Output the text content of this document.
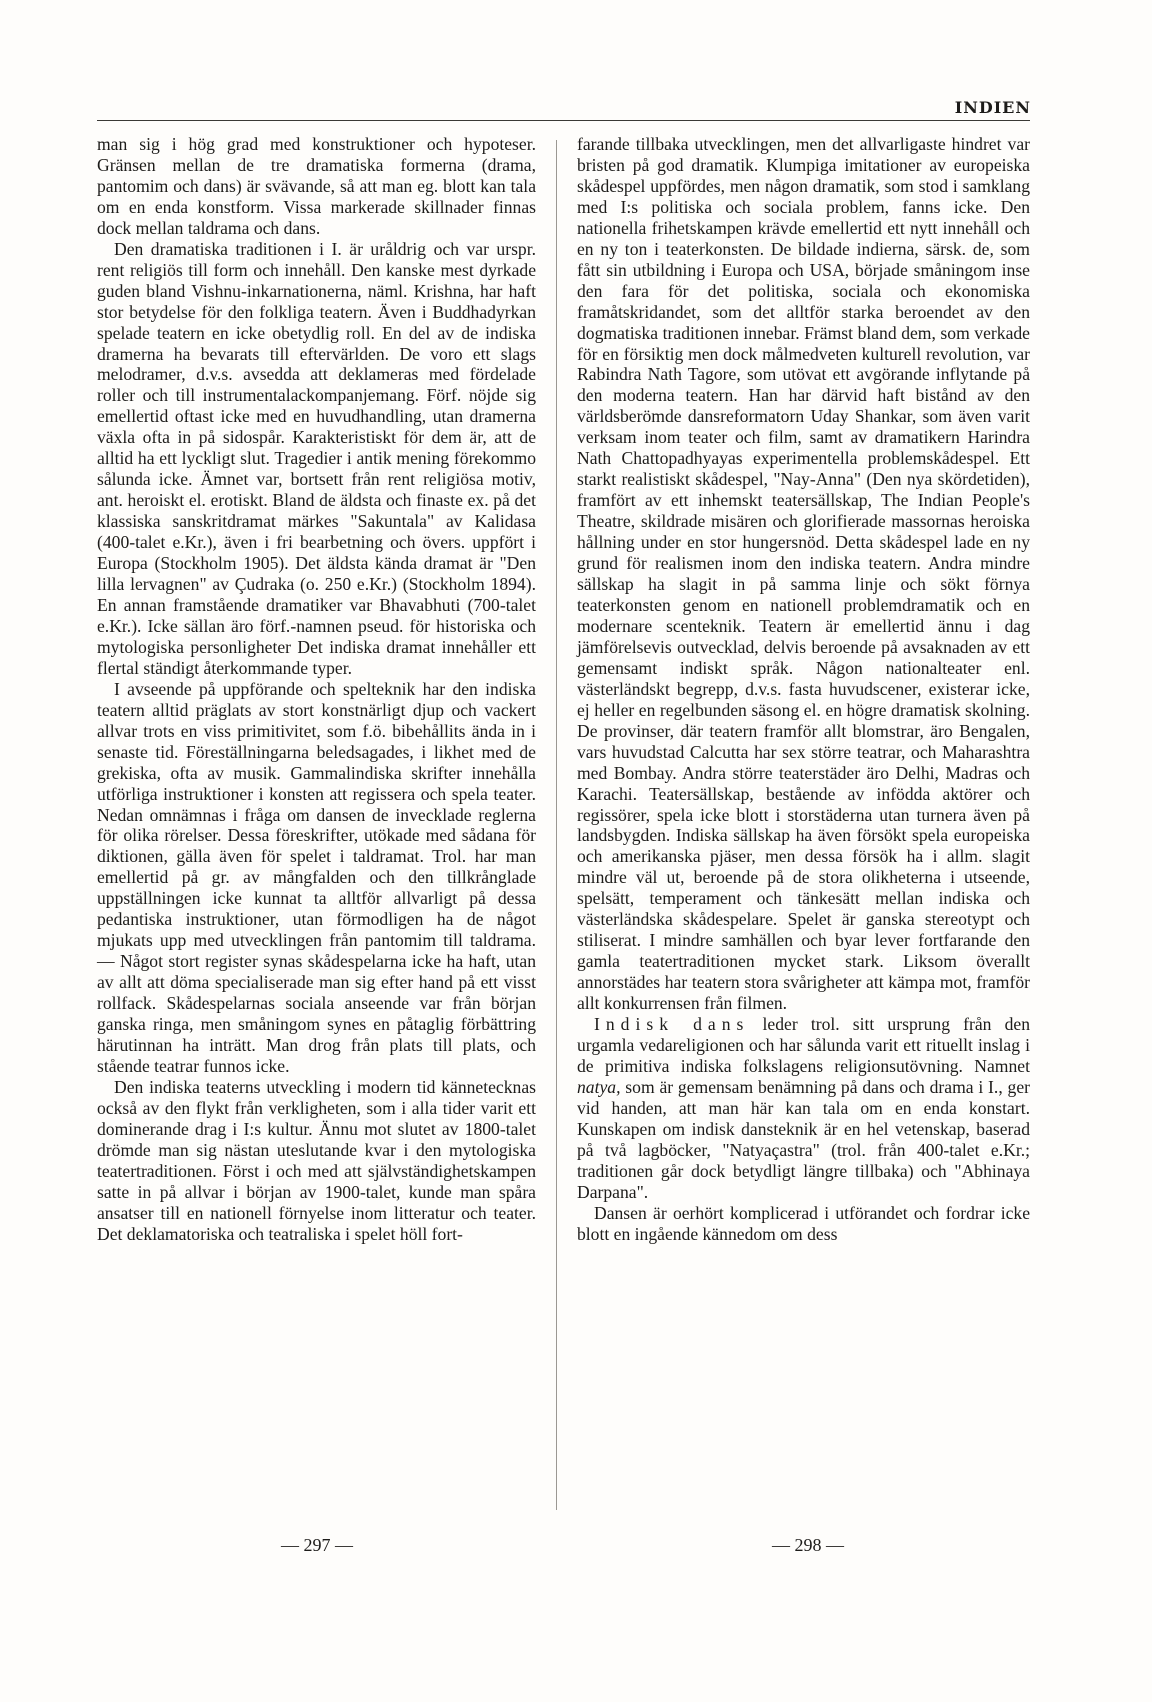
INDIEN

man sig i hög grad med konstruktioner och hypoteser. Gränsen mellan de tre dramatiska formerna (drama, pantomim och dans) är svävande, så att man eg. blott kan tala om en enda konstform. Vissa markerade skillnader finnas dock mellan taldrama och dans.

Den dramatiska traditionen i I. är uråldrig och var urspr. rent religiös till form och innehåll. Den kanske mest dyrkade guden bland Vishnu-inkarnationerna, näml. Krishna, har haft stor betydelse för den folkliga teatern. Även i Buddhadyrkan spelade teatern en icke obetydlig roll. En del av de indiska dramerna ha bevarats till eftervärlden. De voro ett slags melodramer, d.v.s. avsedda att deklameras med fördelade roller och till instrumentalackompanjemang. Förf. nöjde sig emellertid oftast icke med en huvudhandling, utan dramerna växla ofta in på sidospår. Karakteristiskt för dem är, att de alltid ha ett lyckligt slut. Tragedier i antik mening förekommo sålunda icke. Ämnet var, bortsett från rent religiösa motiv, ant. heroiskt el. erotiskt. Bland de äldsta och finaste ex. på det klassiska sanskritdramat märkes "Sakuntala" av Kalidasa (400-talet e.Kr.), även i fri bearbetning och övers. uppfört i Europa (Stockholm 1905). Det äldsta kända dramat är "Den lilla lervagnen" av Çudraka (o. 250 e.Kr.) (Stockholm 1894). En annan framstående dramatiker var Bhavabhuti (700-talet e.Kr.). Icke sällan äro förf.-namnen pseud. för historiska och mytologiska personligheter Det indiska dramat innehåller ett flertal ständigt återkommande typer.

I avseende på uppförande och spelteknik har den indiska teatern alltid präglats av stort konstnärligt djup och vackert allvar trots en viss primitivitet, som f.ö. bibehållits ända in i senaste tid. Föreställningarna beledsagades, i likhet med de grekiska, ofta av musik. Gammalindiska skrifter innehålla utförliga instruktioner i konsten att regissera och spela teater. Nedan omnämnas i fråga om dansen de invecklade reglerna för olika rörelser. Dessa föreskrifter, utökade med sådana för diktionen, gälla även för spelet i taldramat. Trol. har man emellertid på gr. av mångfalden och den tillkrånglade uppställningen icke kunnat ta alltför allvarligt på dessa pedantiska instruktioner, utan förmodligen ha de något mjukats upp med utvecklingen från pantomim till taldrama. — Något stort register synas skådespelarna icke ha haft, utan av allt att döma specialiserade man sig efter hand på ett visst rollfack. Skådespelarnas sociala anseende var från början ganska ringa, men småningom synes en påtaglig förbättring härutinnan ha inträtt. Man drog från plats till plats, och stående teatrar funnos icke.

Den indiska teaterns utveckling i modern tid kännetecknas också av den flykt från verkligheten, som i alla tider varit ett dominerande drag i I:s kultur. Ännu mot slutet av 1800-talet drömde man sig nästan uteslutande kvar i den mytologiska teatertraditionen. Först i och med att självständighetskampen satte in på allvar i början av 1900-talet, kunde man spåra ansatser till en nationell förnyelse inom litteratur och teater. Det deklamatoriska och teatraliska i spelet höll fort-

farande tillbaka utvecklingen, men det allvarligaste hindret var bristen på god dramatik. Klumpiga imitationer av europeiska skådespel uppfördes, men någon dramatik, som stod i samklang med I:s politiska och sociala problem, fanns icke. Den nationella frihetskampen krävde emellertid ett nytt innehåll och en ny ton i teaterkonsten. De bildade indierna, särsk. de, som fått sin utbildning i Europa och USA, började småningom inse den fara för det politiska, sociala och ekonomiska framåtskridandet, som det alltför starka beroendet av den dogmatiska traditionen innebar. Främst bland dem, som verkade för en försiktig men dock målmedveten kulturell revolution, var Rabindra Nath Tagore, som utövat ett avgörande inflytande på den moderna teatern. Han har därvid haft bistånd av den världsberömde dansreformatorn Uday Shankar, som även varit verksam inom teater och film, samt av dramatikern Harindra Nath Chattopadhyayas experimentella problemskådespel. Ett starkt realistiskt skådespel, "Nay-Anna" (Den nya skördetiden), framfört av ett inhemskt teatersällskap, The Indian People's Theatre, skildrade misären och glorifierade massornas heroiska hållning under en stor hungersnöd. Detta skådespel lade en ny grund för realismen inom den indiska teatern. Andra mindre sällskap ha slagit in på samma linje och sökt förnya teaterkonsten genom en nationell problemdramatik och en modernare scenteknik. Teatern är emellertid ännu i dag jämförelsevis outvecklad, delvis beroende på avsaknaden av ett gemensamt indiskt språk. Någon nationalteater enl. västerländskt begrepp, d.v.s. fasta huvudscener, existerar icke, ej heller en regelbunden säsong el. en högre dramatisk skolning. De provinser, där teatern framför allt blomstrar, äro Bengalen, vars huvudstad Calcutta har sex större teatrar, och Maharashtra med Bombay. Andra större teaterstäder äro Delhi, Madras och Karachi. Teatersällskap, bestående av infödda aktörer och regissörer, spela icke blott i storstäderna utan turnera även på landsbygden. Indiska sällskap ha även försökt spela europeiska och amerikanska pjäser, men dessa försök ha i allm. slagit mindre väl ut, beroende på de stora olikheterna i utseende, spelsätt, temperament och tänkesätt mellan indiska och västerländska skådespelare. Spelet är ganska stereotypt och stiliserat. I mindre samhällen och byar lever fortfarande den gamla teatertraditionen mycket stark. Liksom överallt annorstädes har teatern stora svårigheter att kämpa mot, framför allt konkurrensen från filmen.

Indisk dans leder trol. sitt ursprung från den urgamla vedareligionen och har sålunda varit ett rituellt inslag i de primitiva indiska folkslagens religionsutövning. Namnet natya, som är gemensam benämning på dans och drama i I., ger vid handen, att man här kan tala om en enda konstart. Kunskapen om indisk dansteknik är en hel vetenskap, baserad på två lagböcker, "Natyaçastra" (trol. från 400-talet e.Kr.; traditionen går dock betydligt längre tillbaka) och "Abhinaya Darpana".

Dansen är oerhört komplicerad i utförandet och fordrar icke blott en ingående kännedom om dess

— 297 —	— 298 —
